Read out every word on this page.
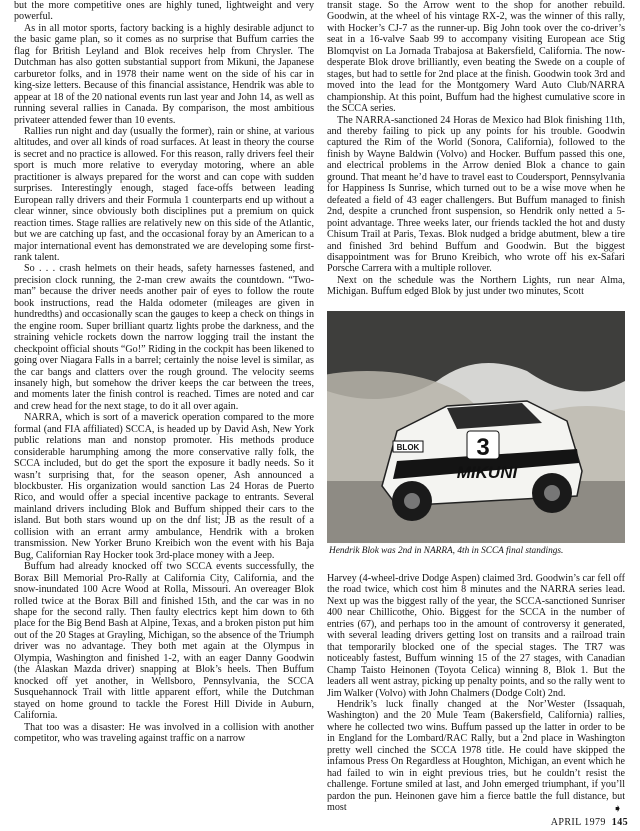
but the more competitive ones are highly tuned, lightweight and very powerful.

As in all motor sports, factory backing is a highly desirable adjunct to the basic game plan, so it comes as no surprise that Buffum carries the flag for British Leyland and Blok receives help from Chrysler. The Dutchman has also gotten substantial support from Mikuni, the Japanese carburetor folks, and in 1978 their name went on the side of his car in king-size letters. Because of this financial assistance, Hendrik was able to appear at 18 of the 20 national events run last year and John 14, as well as running several rallies in Canada. By comparison, the most ambitious privateer attended fewer than 10 events.

Rallies run night and day (usually the former), rain or shine, at various altitudes, and over all kinds of road surfaces. At least in theory the course is secret and no practice is allowed. For this reason, rally drivers feel their sport is much more relative to everyday motoring, where an able practitioner is always prepared for the worst and can cope with sudden surprises. Interestingly enough, staged face-offs between leading European rally drivers and their Formula 1 counterparts end up without a clear winner, since obviously both disciplines put a premium on quick reaction times. Stage rallies are relatively new on this side of the Atlantic, but we are catching up fast, and the occasional foray by an American to a major international event has demonstrated we are developing some first-rank talent.

So . . . crash helmets on their heads, safety harnesses fastened, and precision clock running, the 2-man crew awaits the countdown. “Two-man” because the driver needs another pair of eyes to follow the route book instructions, read the Halda odometer (mileages are given in hundredths) and occasionally scan the gauges to keep a check on things in the engine room. Super brilliant quartz lights probe the darkness, and the straining vehicle rockets down the narrow logging trail the instant the checkpoint official shouts “Go!” Riding in the cockpit has been likened to going over Niagara Falls in a barrel; certainly the noise level is similar, as the car bangs and clatters over the rough ground. The velocity seems insanely high, but somehow the driver keeps the car between the trees, and moments later the finish control is reached. Times are noted and car and crew head for the next stage, to do it all over again.

NARRA, which is sort of a maverick operation compared to the more formal (and FIA affiliated) SCCA, is headed up by David Ash, New York public relations man and nonstop promoter. His methods produce considerable harumphing among the more conservative rally folk, the SCCA included, but do get the sport the exposure it badly needs. So it wasn’t surprising that, for the season opener, Ash announced a blockbuster. His organization would sanction Las 24 Horas de Puerto Rico, and would offer a special incentive package to entrants. Several mainland drivers including Blok and Buffum shipped their cars to the island. But both stars wound up on the dnf list; JB as the result of a collision with an errant army ambulance, Hendrik with a broken transmission. New Yorker Bruno Kreibich won the event with his Baja Bug, Californian Ray Hocker took 3rd-place money with a Jeep.

Buffum had already knocked off two SCCA events successfully, the Borax Bill Memorial Pro-Rally at California City, California, and the snow-inundated 100 Acre Wood at Rolla, Missouri. An overeager Blok rolled twice at the Borax Bill and finished 15th, and the car was in no shape for the second rally. Then faulty electrics kept him down to 6th place for the Big Bend Bash at Alpine, Texas, and a broken piston put him out of the 20 Stages at Grayling, Michigan, so the absence of the Triumph driver was no advantage. They both met again at the Olympus in Olympia, Washington and finished 1-2, with an eager Danny Goodwin (the Alaskan Mazda driver) snapping at Blok’s heels. Then Buffum knocked off yet another, in Wellsboro, Pennsylvania, the SCCA Susquehannock Trail with little apparent effort, while the Dutchman stayed on home ground to tackle the Forest Hill Divide in Auburn, California.

That too was a disaster: He was involved in a collision with another competitor, who was traveling against traffic on a narrow

transit stage. So the Arrow went to the shop for another rebuild. Goodwin, at the wheel of his vintage RX-2, was the winner of this rally, with Hocker’s CJ-7 as the runner-up. Big John took over the co-driver’s seat in a 16-valve Saab 99 to accompany visiting European ace Stig Blomqvist on La Jornada Trabajosa at Bakersfield, California. The now-desperate Blok drove brilliantly, even beating the Swede on a couple of stages, but had to settle for 2nd place at the finish. Goodwin took 3rd and moved into the lead for the Montgomery Ward Auto Club/NARRA championship. At this point, Buffum had the highest cumulative score in the SCCA series.

The NARRA-sanctioned 24 Horas de Mexico had Blok finishing 11th, and thereby failing to pick up any points for his trouble. Goodwin captured the Rim of the World (Sonora, California), followed to the finish by Wayne Baldwin (Volvo) and Hocker. Buffum passed this one, and electrical problems in the Arrow denied Blok a chance to gain ground. That meant he’d have to travel east to Coudersport, Pennsylvania for Happiness Is Sunrise, which turned out to be a wise move when he defeated a field of 43 eager challengers. But Buffum managed to finish 2nd, despite a crunched front suspension, so Hendrik only netted a 5-point advantage. Three weeks later, our friends tackled the hot and dusty Chisum Trail at Paris, Texas. Blok nudged a bridge abutment, blew a tire and finished 3rd behind Buffum and Goodwin. But the biggest disappointment was for Bruno Kreibich, who wrote off his ex-Safari Porsche Carrera with a multiple rollover.

Next on the schedule was the Northern Lights, run near Alma, Michigan. Buffum edged Blok by just under two minutes, Scott

3
MIKUNI
BLOK
Hendrik Blok was 2nd in NARRA, 4th in SCCA final standings.

Harvey (4-wheel-drive Dodge Aspen) claimed 3rd. Goodwin’s car fell off the road twice, which cost him 8 minutes and the NARRA series lead. Next up was the biggest rally of the year, the SCCA-sanctioned Sunriser 400 near Chillicothe, Ohio. Biggest for the SCCA in the number of entries (67), and perhaps too in the amount of controversy it generated, with several leading drivers getting lost on transits and a railroad train that temporarily blocked one of the special stages. The TR7 was noticeably fastest, Buffum winning 15 of the 27 stages, with Canadian Champ Taisto Heinonen (Toyota Celica) winning 8, Blok 1. But the leaders all went astray, picking up penalty points, and so the rally went to Jim Walker (Volvo) with John Chalmers (Dodge Colt) 2nd.

Hendrik’s luck finally changed at the Nor’Wester (Issaquah, Washington) and the 20 Mule Team (Bakersfield, California) rallies, where he collected two wins. Buffum passed up the latter in order to be in England for the Lombard/RAC Rally, but a 2nd place in Washington pretty well cinched the SCCA 1978 title. He could have skipped the infamous Press On Regardless at Houghton, Michigan, an event which he had failed to win in eight previous tries, but he couldn’t resist the challenge. Fortune smiled at last, and John emerged triumphant, if you’ll pardon the pun. Heinonen gave him a fierce battle the full distance, but most	➧
APRIL 1979 145
